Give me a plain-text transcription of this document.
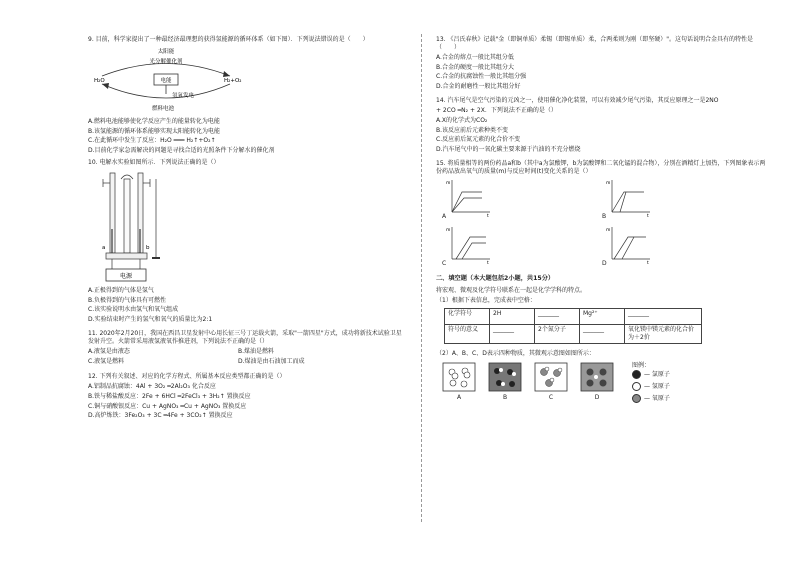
9. 目前，科学家提出了一种最经济最理想的获得氢能源的循环体系（如下图）．下列说法错误的是（　　）

太阳能
光分解催化剂
H₂O	H₂+O₂
电能
氢氧发电
燃料电池

A.燃料电池能够使化学反应产生的能量转化为电能

B.该氢能源的循环体系能够实现太阳能转化为电能

C.在此循环中发生了反应：H₂O ═══ H₂↑+O₂↑

D.目前化学家急需解决的问题是寻找合适的光照条件下分解水的催化剂

10. 电解水实验如图所示．下列说法正确的是（）

a	b
电源

A.正极得到的气体是氢气

B.负极得到的气体具有可燃性

C.该实验说明水由氢气和氧气组成

D.实验结束时产生的氢气和氧气的质量比为2:1

11. 2020年2月20日，我国在西昌卫星发射中心用长征三号丁运载火箭，采取"一箭四星"方式，成功将新技术试验卫星发射升空。火箭常采用液氢液氧作推进剂，下列说法不正确的是（）

A.液氢是由液态	B.煤油是燃料

C.液氢是燃料	D.煤油是由石油加工而成

12. 下列有关叙述、对应的化学方程式、所属基本反应类型都正确的是（）

A.铝制品抗腐蚀：4Al + 3O₂ ═2Al₂O₃ 化合反应

B.铁与稀盐酸反应：2Fe + 6HCl ═2FeCl₃ + 3H₂↑ 置换反应

C.铜与硝酸银反应：Cu + AgNO₃ ═Cu + AgNO₃ 置换反应

D.高炉炼铁：3Fe₂O₃ + 3C ═4Fe + 3CO₂↑ 置换反应

13. 《吕氏春秋》记载"金（即铜单质）柔锡（即锡单质）柔，合两柔则为刚（即坚硬）"。这句话说明合金具有的特性是（　　）

A.合金的熔点一般比其组分低

B.合金的硬度一般比其组分大

C.合金的抗腐蚀性一般比其组分强

D.合金的耐磨性一般比其组分好

14. 汽车尾气是空气污染的元凶之一，使用催化净化装置，可以有效减少尾气污染，其反应原理之一是2NO

+ 2CO ═N₂ + 2X．下列说法不正确的是（）

A.X的化学式为CO₂

B.该反应前后元素种类不变

C.反应前后氮元素的化合价不变

D.汽车尾气中的一氧化碳主要来源于汽油的不充分燃烧

15. 将质量相等的两份药品a和b（其中a为氯酸钾，b为氯酸钾和二氧化锰的混合物），分别在酒精灯上加热，下列图象表示两份药品放出氧气的质量(m)与反应时间(t)变化关系的是（）

m
t
A
m
t
B
m
t
C
m
t
D

二、填空题（本大题包括2小题，共15分）

将宏观、微观及化学符号联系在一起是化学学科的特点。

（1）根据下表信息，完成表中空格：

化学符号	2H	_______	Mg²⁺	_______
符号的意义	_______	2个氮分子	_______	氧化镁中镁元素的化合价为＋2价

（2）A、B、C、D表示四种物质，其微观示意图如图所示：

A	B	C	D
图例：
— 氯原子
— 氢原子
— 氧原子
